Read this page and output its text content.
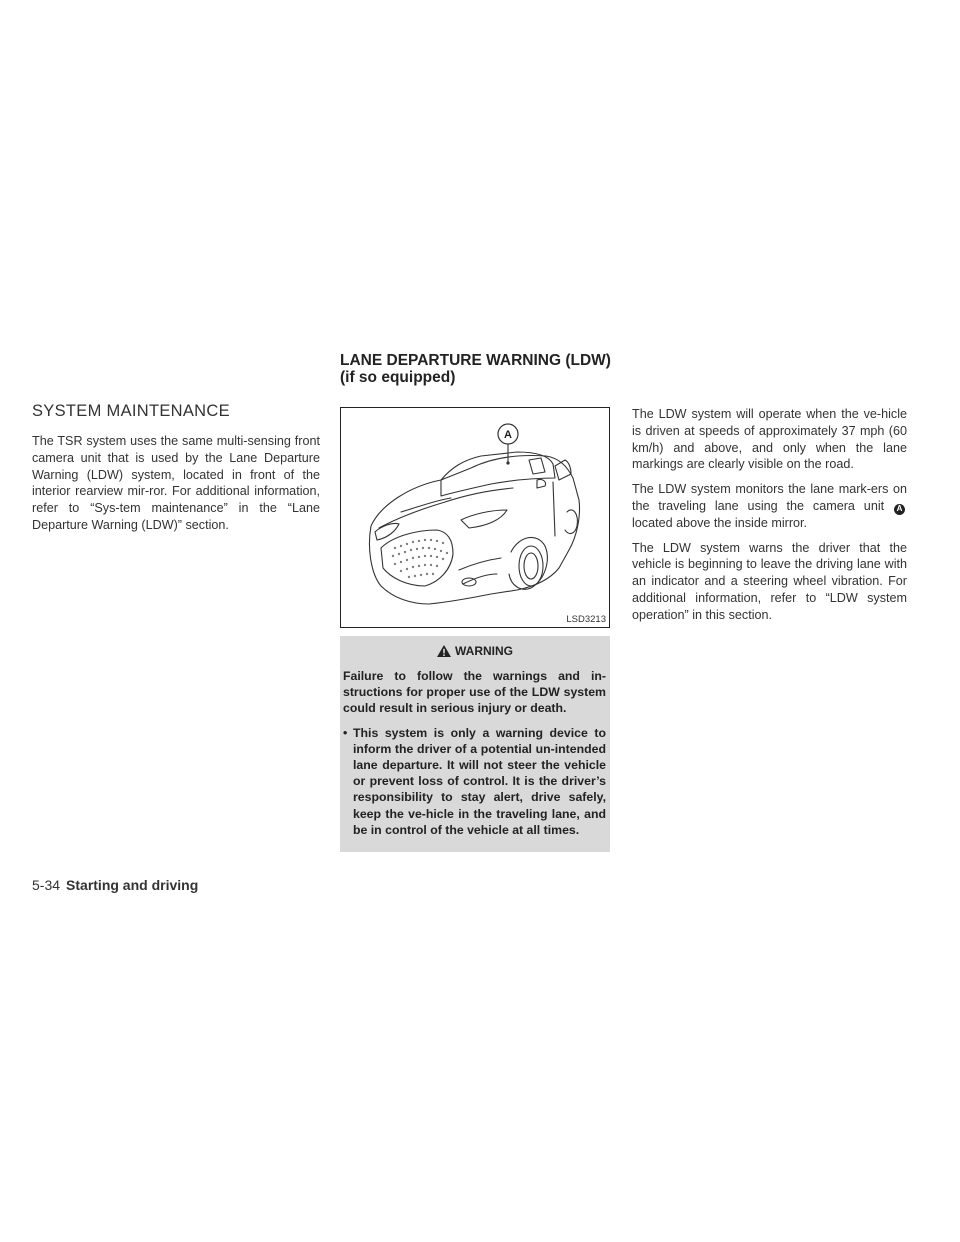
SYSTEM MAINTENANCE

The TSR system uses the same multi-sensing front camera unit that is used by the Lane Departure Warning (LDW) system, located in front of the interior rearview mir-ror. For additional information, refer to “Sys-tem maintenance” in the “Lane Departure Warning (LDW)” section.

LANE DEPARTURE WARNING (LDW) (if so equipped)
A
LSD3213
WARNING

Failure to follow the warnings and in-structions for proper use of the LDW system could result in serious injury or death.

• This system is only a warning device to inform the driver of a potential un-intended lane departure. It will not steer the vehicle or prevent loss of control. It is the driver’s responsibility to stay alert, drive safely, keep the ve-hicle in the traveling lane, and be in control of the vehicle at all times.

The LDW system will operate when the ve-hicle is driven at speeds of approximately 37 mph (60 km/h) and above, and only when the lane markings are clearly visible on the road.

The LDW system monitors the lane mark-ers on the traveling lane using the camera unit Alocated above the inside mirror.

The LDW system warns the driver that the vehicle is beginning to leave the driving lane with an indicator and a steering wheel vibration. For additional information, refer to “LDW system operation” in this section.

5-34 Starting and driving
